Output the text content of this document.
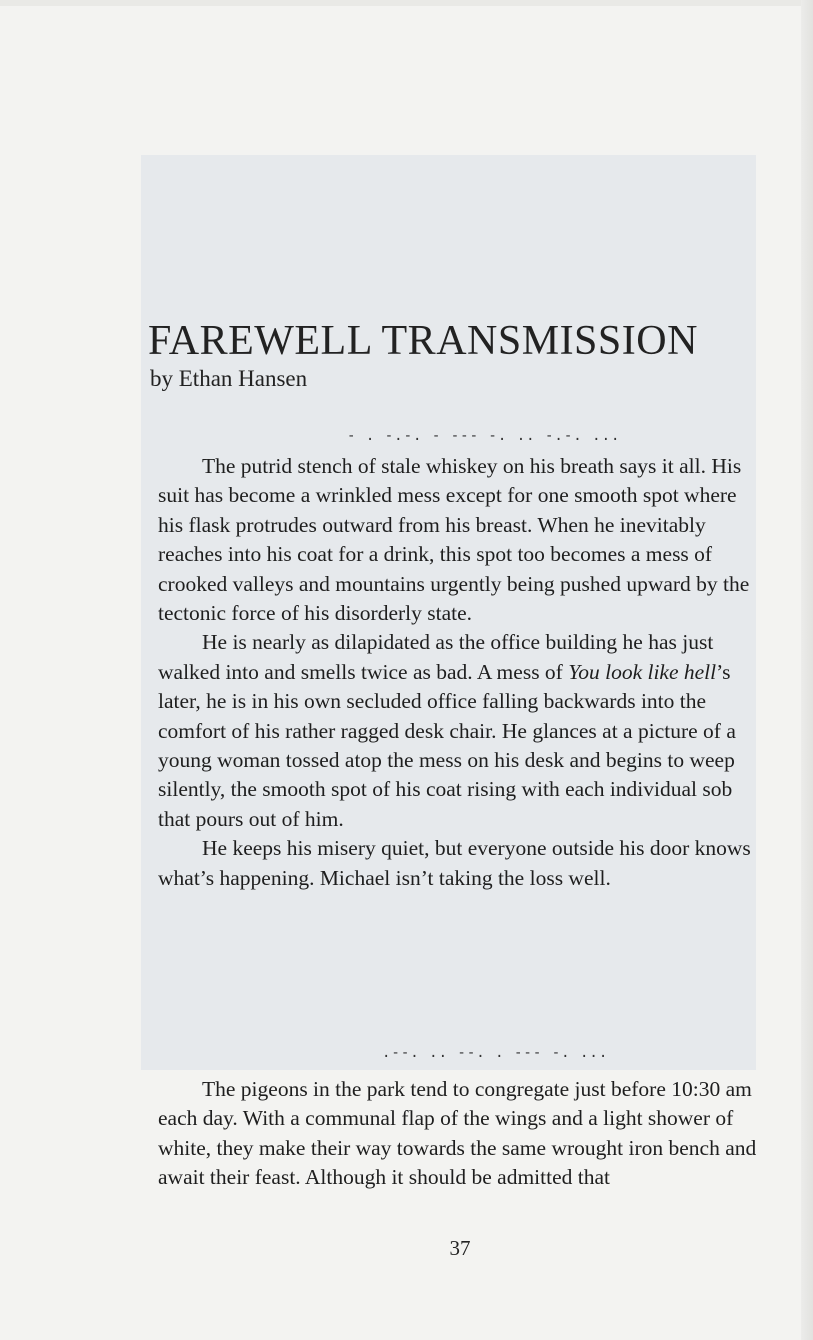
FAREWELL TRANSMISSION
by Ethan Hansen
- . -.-. - --- -. .. -.-. ...

The putrid stench of stale whiskey on his breath says it all. His suit has become a wrinkled mess except for one smooth spot where his flask protrudes outward from his breast. When he inevitably reaches into his coat for a drink, this spot too becomes a mess of crooked valleys and mountains urgently being pushed upward by the tectonic force of his disorderly state.

He is nearly as dilapidated as the office building he has just walked into and smells twice as bad. A mess of You look like hell’s later, he is in his own secluded office falling backwards into the comfort of his rather ragged desk chair. He glances at a picture of a young woman tossed atop the mess on his desk and begins to weep silently, the smooth spot of his coat rising with each individual sob that pours out of him.

He keeps his misery quiet, but everyone outside his door knows what’s happening. Michael isn’t taking the loss well.

.--. .. --. . --- -. ...

The pigeons in the park tend to congregate just before 10:30 am each day. With a communal flap of the wings and a light shower of white, they make their way towards the same wrought iron bench and await their feast. Although it should be admitted that

37
